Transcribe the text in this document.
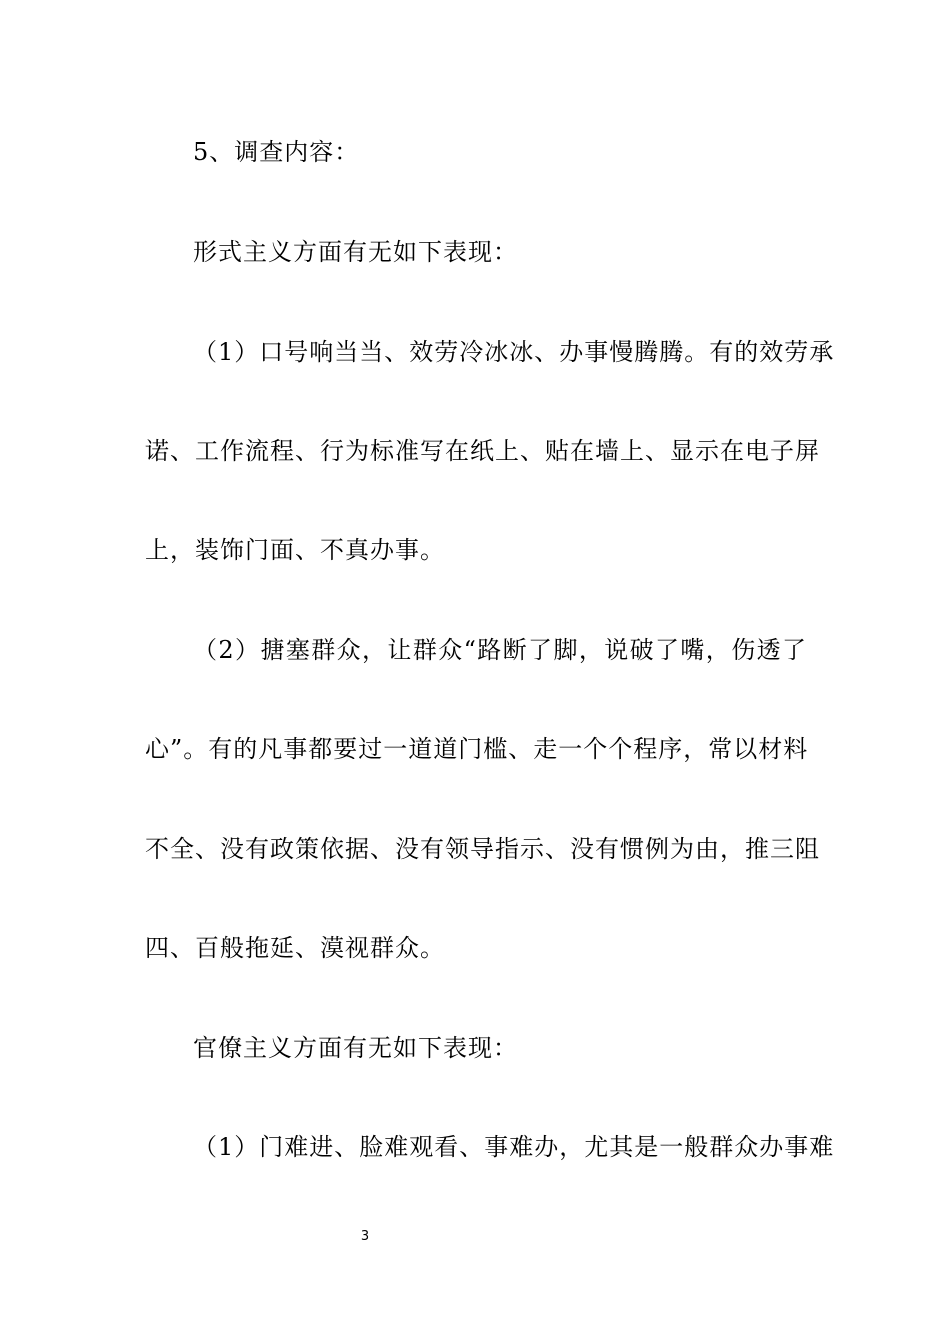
5、调查内容：
形式主义方面有无如下表现：
（1）口号响当当、效劳冷冰冰、办事慢腾腾。有的效劳承
诺、工作流程、行为标准写在纸上、贴在墙上、显示在电子屏
上，装饰门面、不真办事。
（2）搪塞群众，让群众“路断了脚，说破了嘴，伤透了
心”。有的凡事都要过一道道门槛、走一个个程序，常以材料
不全、没有政策依据、没有领导指示、没有惯例为由，推三阻
四、百般拖延、漠视群众。
官僚主义方面有无如下表现：
（1）门难进、脸难观看、事难办，尤其是一般群众办事难
3
